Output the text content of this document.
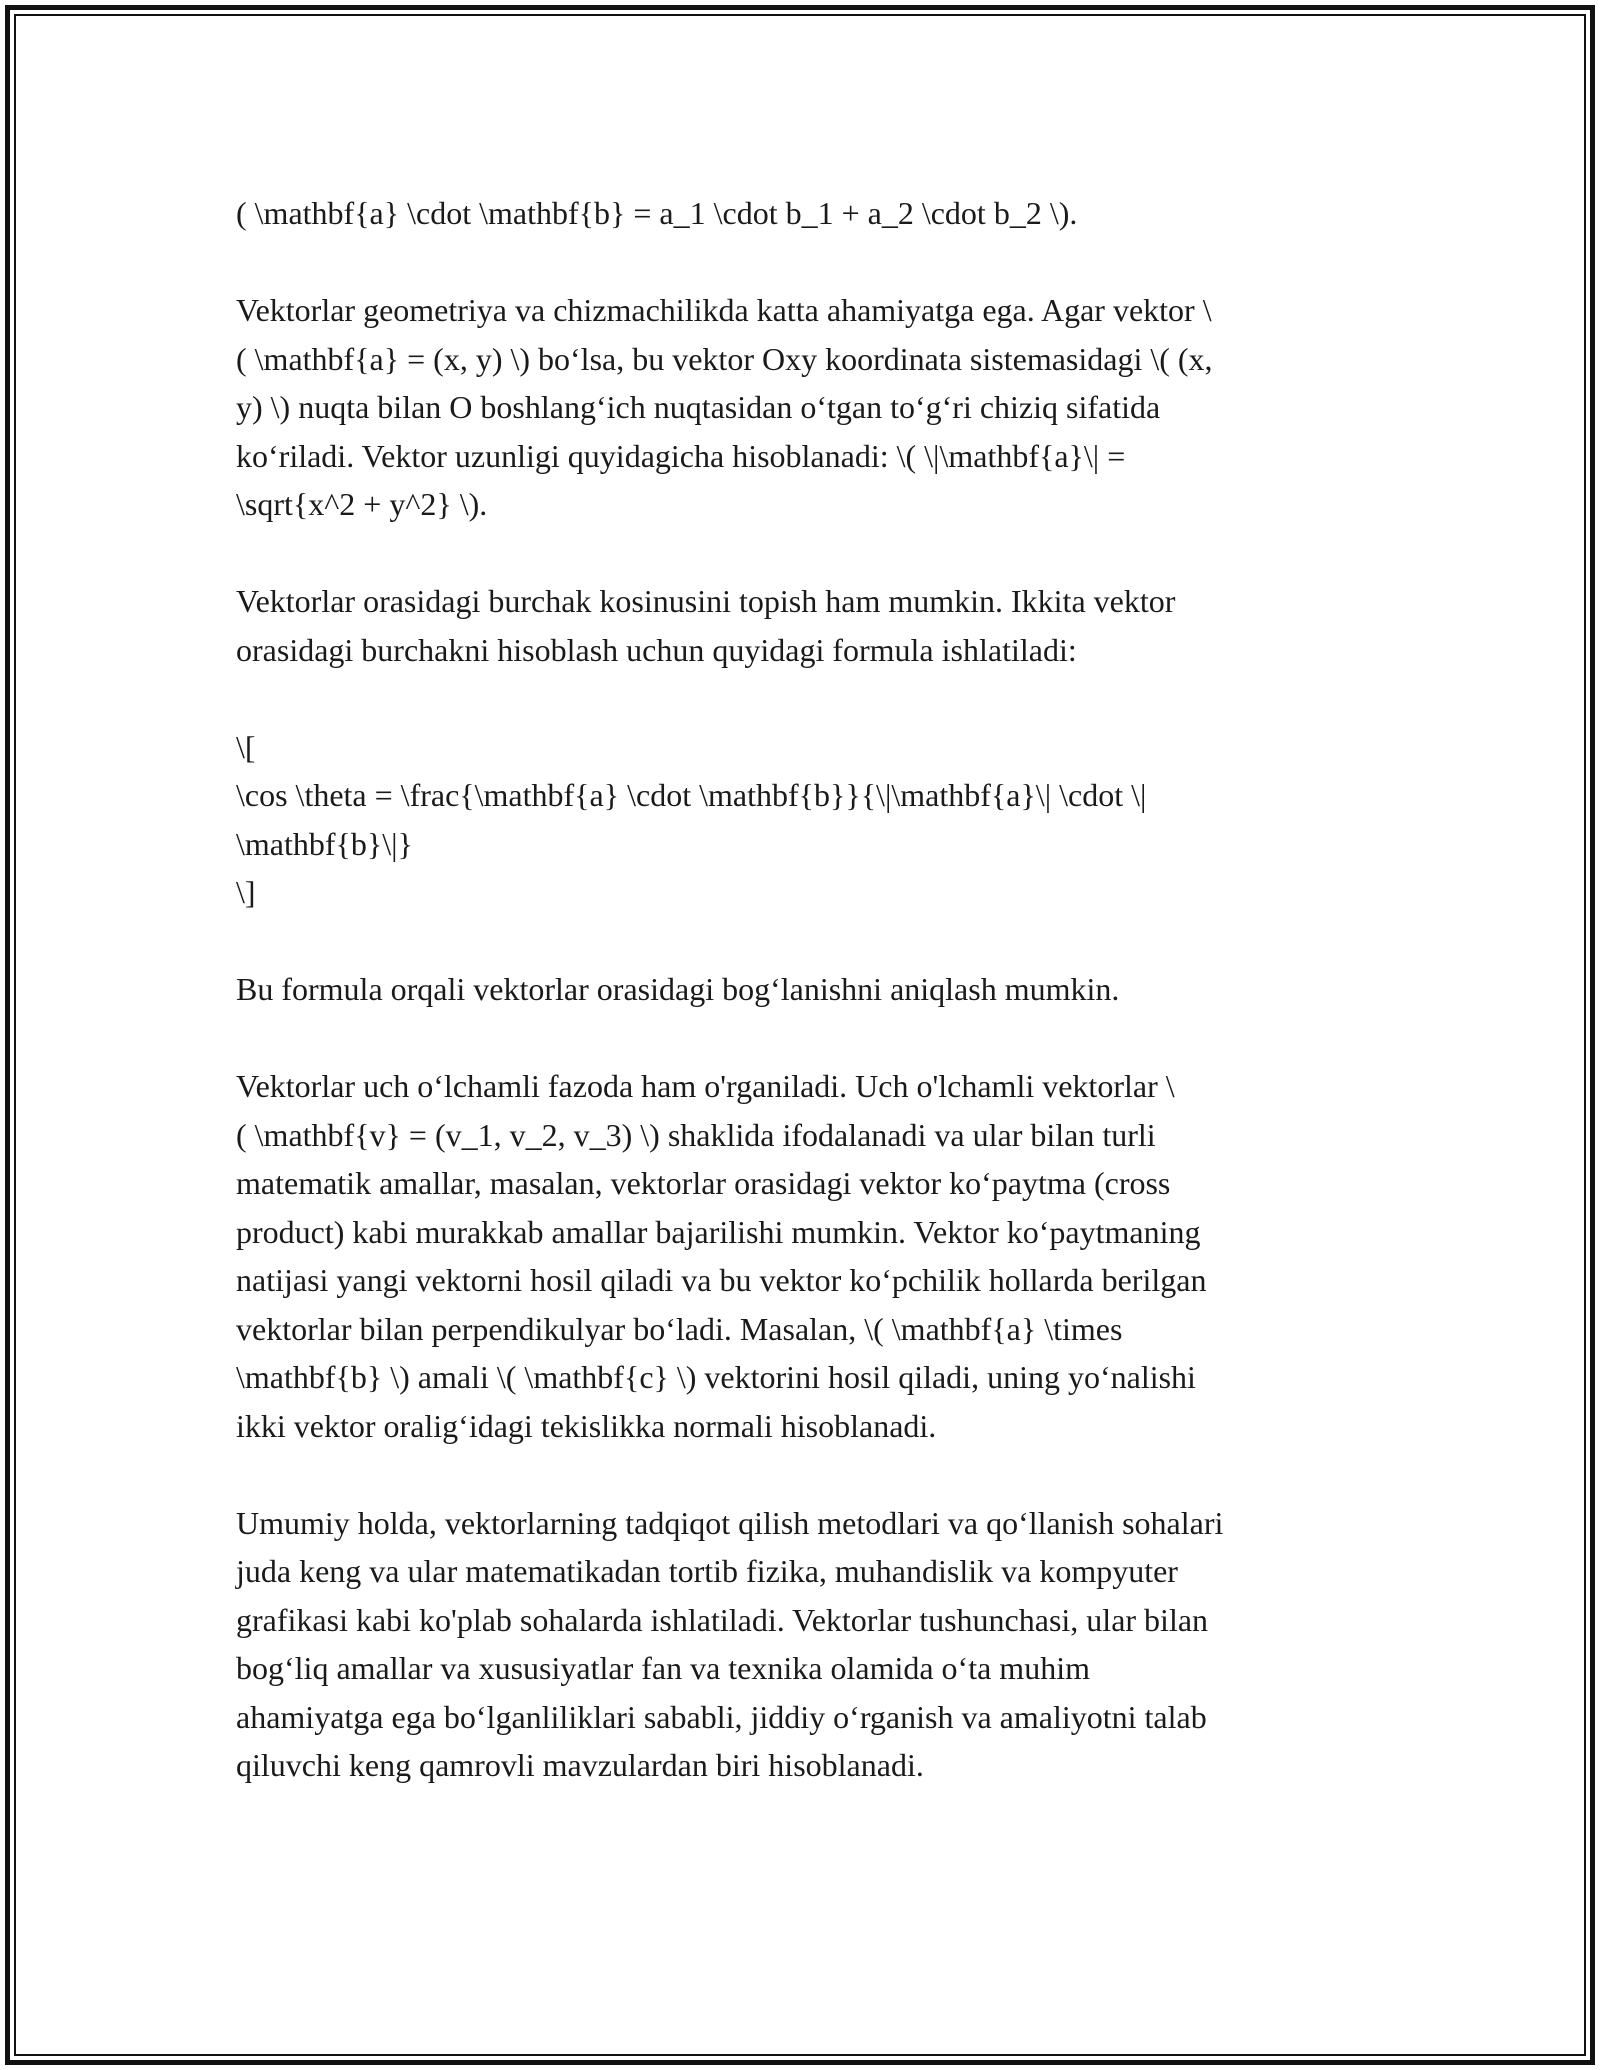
( \mathbf{a} \cdot \mathbf{b} = a_1 \cdot b_1 + a_2 \cdot b_2 \).

Vektorlar geometriya va chizmachilikda katta ahamiyatga ega. Agar vektor \
( \mathbf{a} = (x, y) \) bo‘lsa, bu vektor Oxy koordinata sistemasidagi \( (x,
y) \) nuqta bilan O boshlang‘ich nuqtasidan o‘tgan to‘g‘ri chiziq sifatida
ko‘riladi. Vektor uzunligi quyidagicha hisoblanadi: \( \|\mathbf{a}\| =
\sqrt{x^2 + y^2} \).

Vektorlar orasidagi burchak kosinusini topish ham mumkin. Ikkita vektor
orasidagi burchakni hisoblash uchun quyidagi formula ishlatiladi:

\[
\cos \theta = \frac{\mathbf{a} \cdot \mathbf{b}}{\|\mathbf{a}\| \cdot \|
\mathbf{b}\|}
\]

Bu formula orqali vektorlar orasidagi bog‘lanishni aniqlash mumkin.

Vektorlar uch o‘lchamli fazoda ham o'rganiladi. Uch o'lchamli vektorlar \
( \mathbf{v} = (v_1, v_2, v_3) \) shaklida ifodalanadi va ular bilan turli
matematik amallar, masalan, vektorlar orasidagi vektor ko‘paytma (cross
product) kabi murakkab amallar bajarilishi mumkin. Vektor ko‘paytmaning
natijasi yangi vektorni hosil qiladi va bu vektor ko‘pchilik hollarda berilgan
vektorlar bilan perpendikulyar bo‘ladi. Masalan, \( \mathbf{a} \times
\mathbf{b} \) amali \( \mathbf{c} \) vektorini hosil qiladi, uning yo‘nalishi
ikki vektor oralig‘idagi tekislikka normali hisoblanadi.

Umumiy holda, vektorlarning tadqiqot qilish metodlari va qo‘llanish sohalari
juda keng va ular matematikadan tortib fizika, muhandislik va kompyuter
grafikasi kabi ko'plab sohalarda ishlatiladi. Vektorlar tushunchasi, ular bilan
bog‘liq amallar va xususiyatlar fan va texnika olamida o‘ta muhim
ahamiyatga ega bo‘lganliliklari sababli, jiddiy o‘rganish va amaliyotni talab
qiluvchi keng qamrovli mavzulardan biri hisoblanadi.
